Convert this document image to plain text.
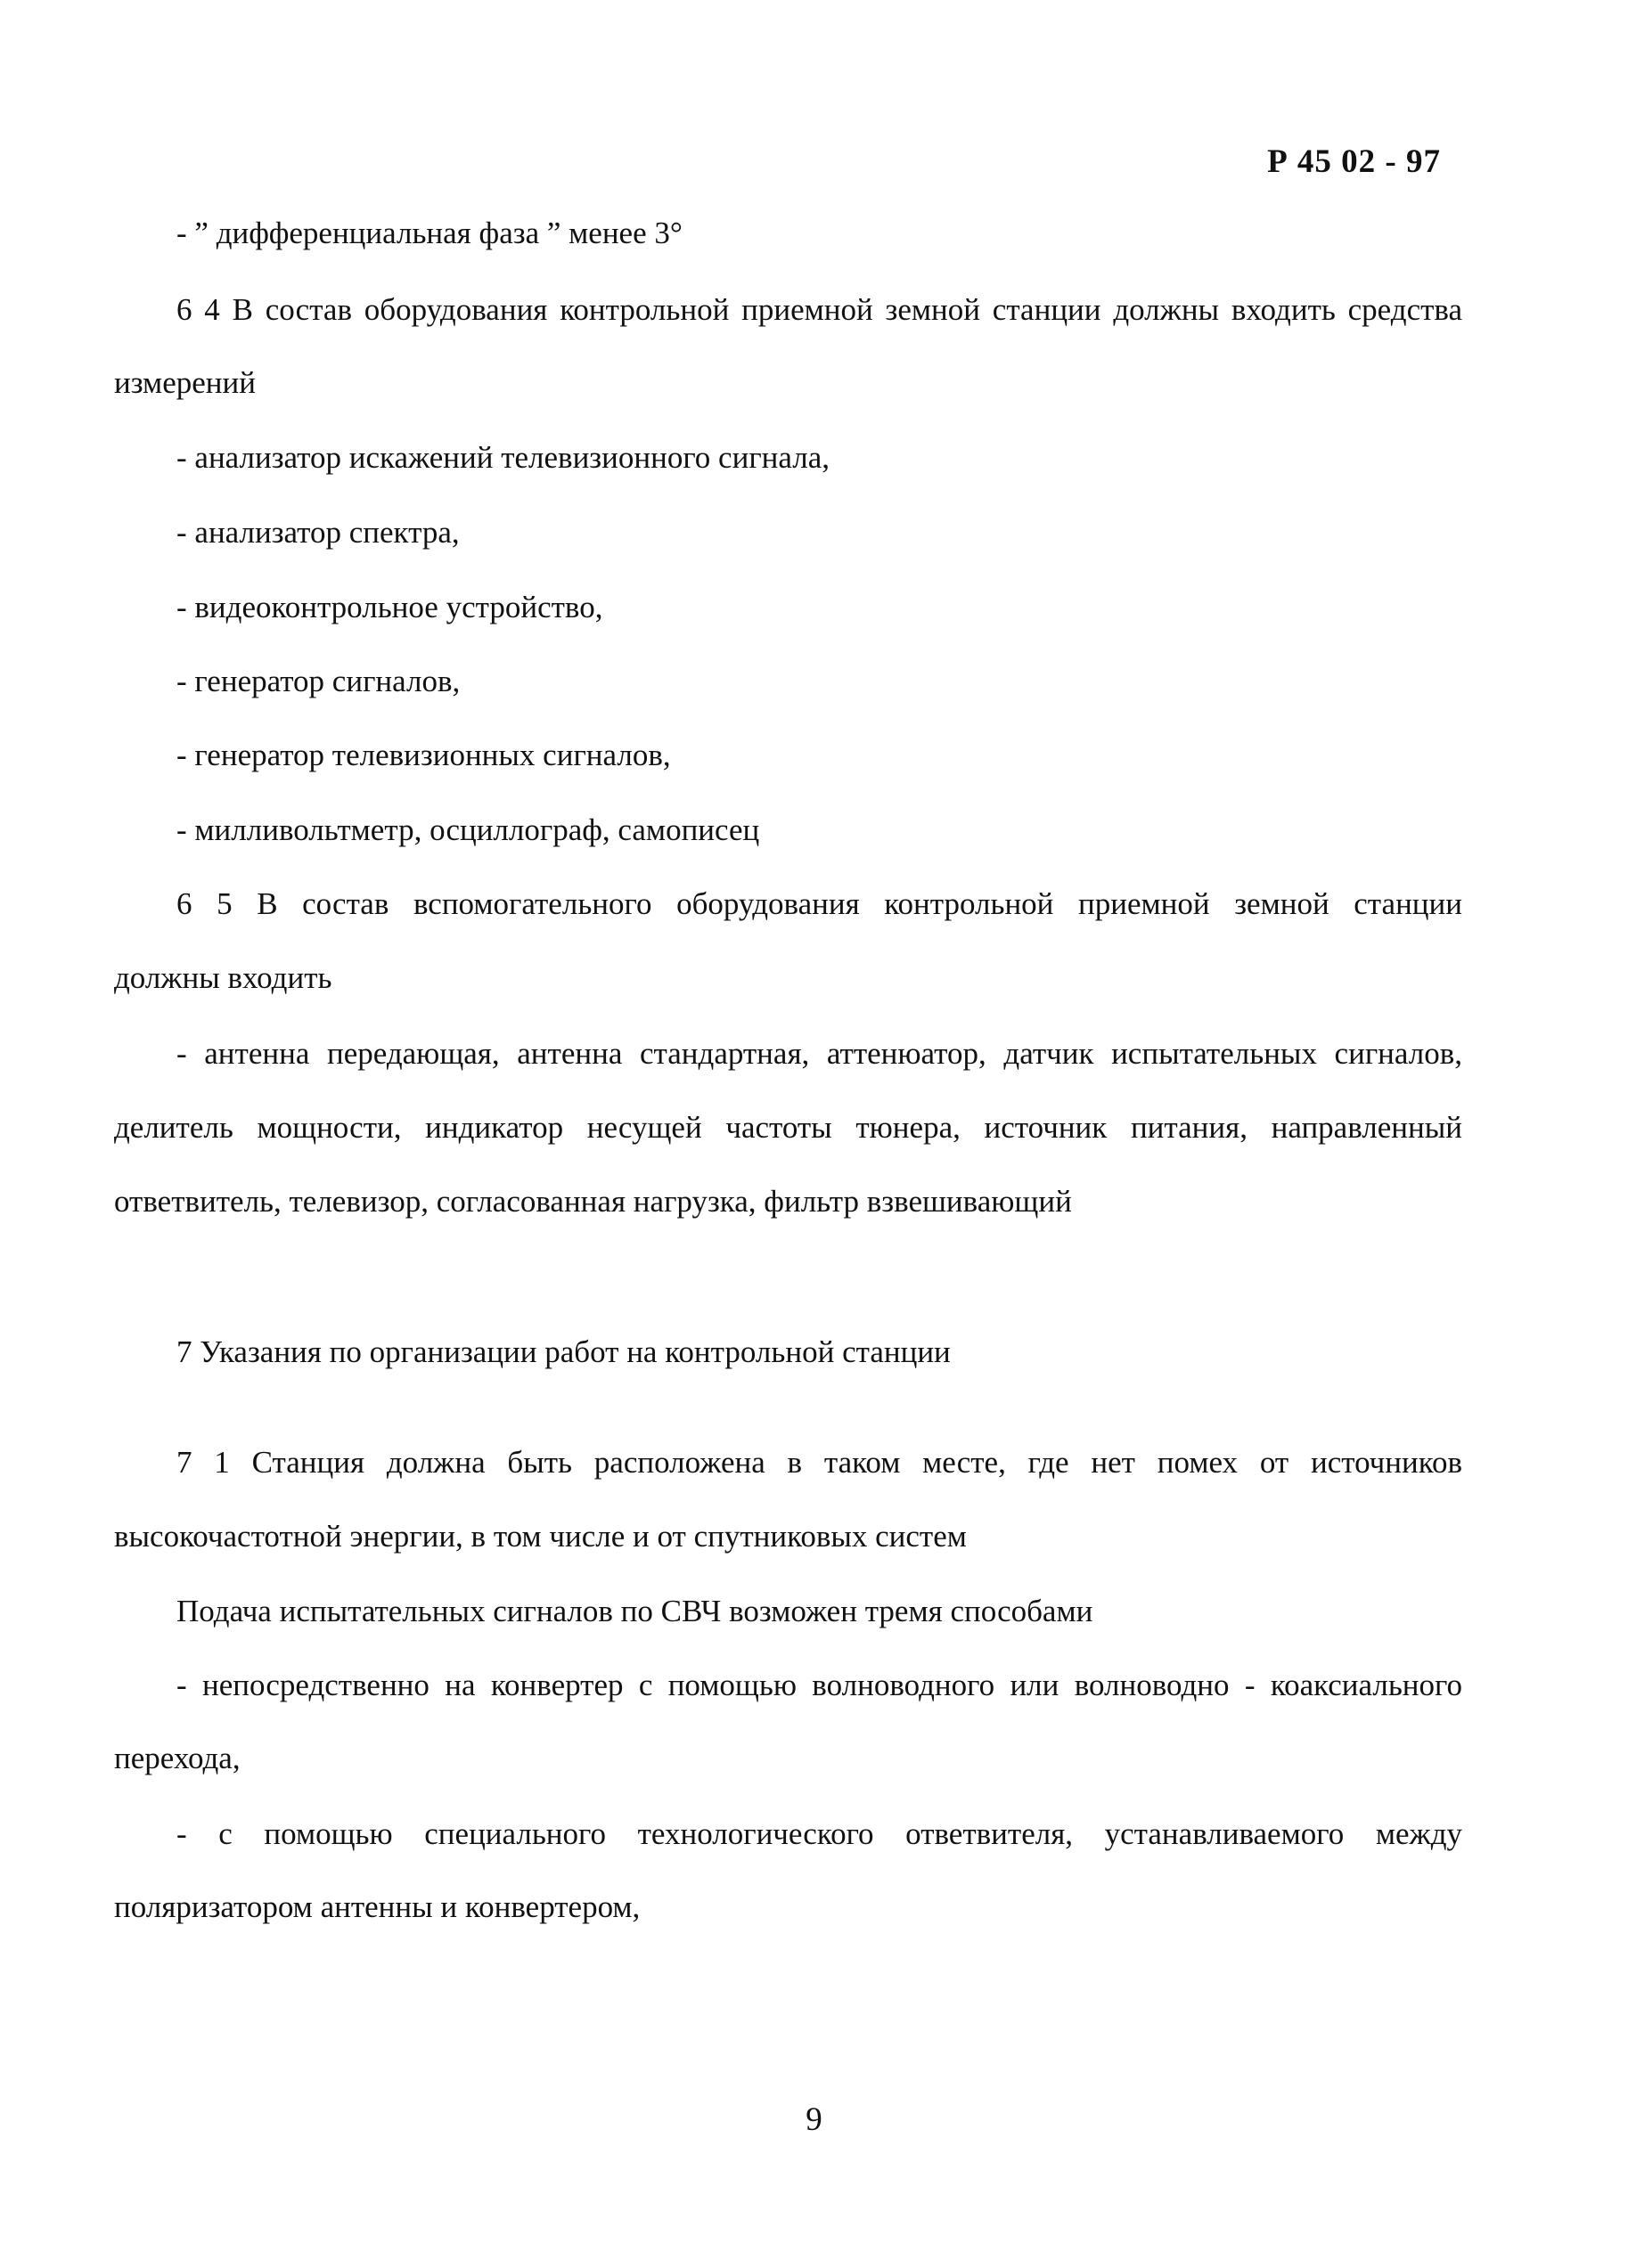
Р 45 02 - 97
- ” дифференциальная фаза ” менее 3°
6 4 В состав оборудования контрольной приемной земной станции должны входить средства
измерений
- анализатор искажений телевизионного сигнала,
- анализатор спектра,
- видеоконтрольное устройство,
- генератор сигналов,
- генератор телевизионных сигналов,
- милливольтметр, осциллограф, самописец
6 5 В состав вспомогательного оборудования контрольной приемной земной станции
должны входить
- антенна передающая, антенна стандартная, аттенюатор, датчик испытательных сигналов,
делитель мощности, индикатор несущей частоты тюнера, источник питания, направленный
ответвитель, телевизор, согласованная нагрузка, фильтр взвешивающий
7 Указания по организации работ на контрольной станции
7 1 Станция должна быть расположена в таком месте, где нет помех от источников
высокочастотной энергии, в том числе и от спутниковых систем
Подача испытательных сигналов по СВЧ возможен тремя способами
- непосредственно на конвертер с помощью волноводного или волноводно - коаксиального
перехода,
- с помощью специального технологического ответвителя, устанавливаемого между
поляризатором антенны и конвертером,
9
